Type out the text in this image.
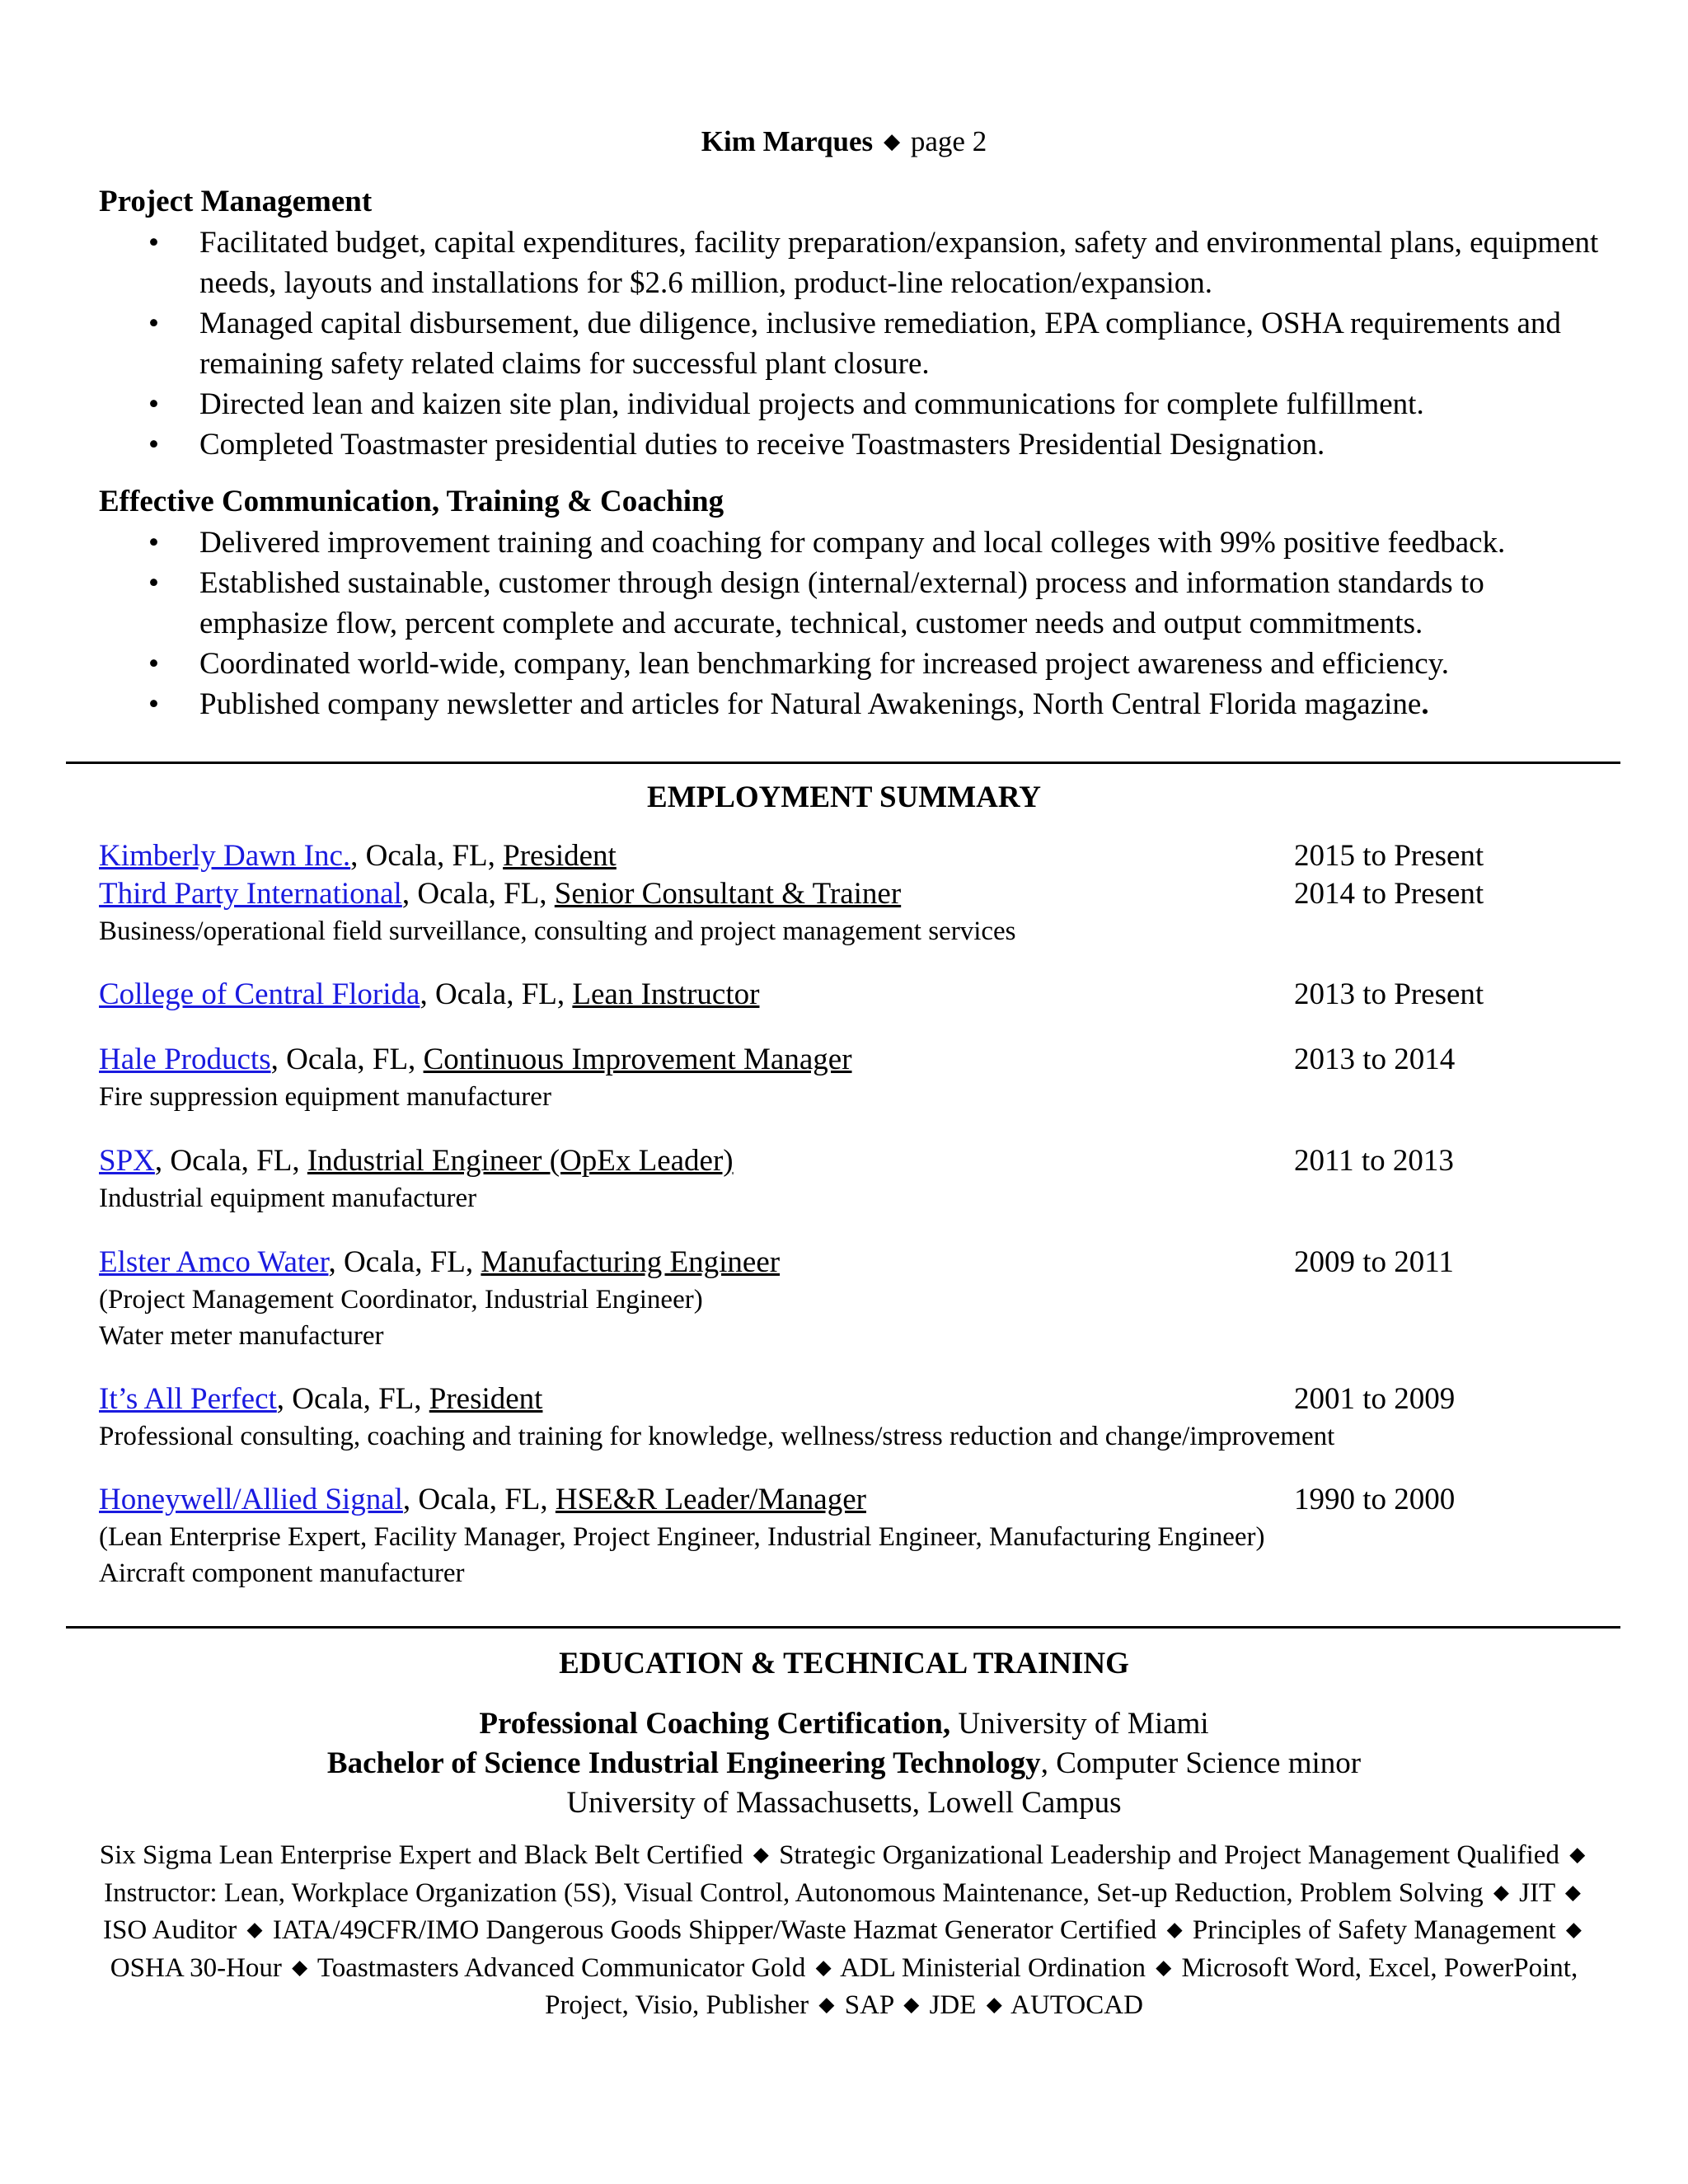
Kim Marques ◆ page 2
Project Management
• Facilitated budget, capital expenditures, facility preparation/expansion, safety and environmental plans, equipment needs, layouts and installations for $2.6 million, product-line relocation/expansion.
• Managed capital disbursement, due diligence, inclusive remediation, EPA compliance, OSHA requirements and remaining safety related claims for successful plant closure.
• Directed lean and kaizen site plan, individual projects and communications for complete fulfillment.
• Completed Toastmaster presidential duties to receive Toastmasters Presidential Designation.
Effective Communication, Training & Coaching
• Delivered improvement training and coaching for company and local colleges with 99% positive feedback.
• Established sustainable, customer through design (internal/external) process and information standards to emphasize flow, percent complete and accurate, technical, customer needs and output commitments.
• Coordinated world-wide, company, lean benchmarking for increased project awareness and efficiency.
• Published company newsletter and articles for Natural Awakenings, North Central Florida magazine.
EMPLOYMENT SUMMARY
Kimberly Dawn Inc., Ocala, FL, President	2015 to Present
Third Party International, Ocala, FL, Senior Consultant & Trainer	2014 to Present
Business/operational field surveillance, consulting and project management services
College of Central Florida, Ocala, FL, Lean Instructor	2013 to Present
Hale Products, Ocala, FL, Continuous Improvement Manager	2013 to 2014
Fire suppression equipment manufacturer
SPX, Ocala, FL, Industrial Engineer (OpEx Leader)	2011 to 2013
Industrial equipment manufacturer
Elster Amco Water, Ocala, FL, Manufacturing Engineer	2009 to 2011
(Project Management Coordinator, Industrial Engineer)
Water meter manufacturer
It’s All Perfect, Ocala, FL, President	2001 to 2009
Professional consulting, coaching and training for knowledge, wellness/stress reduction and change/improvement
Honeywell/Allied Signal, Ocala, FL, HSE&R Leader/Manager	1990 to 2000
(Lean Enterprise Expert, Facility Manager, Project Engineer, Industrial Engineer, Manufacturing Engineer)
Aircraft component manufacturer
EDUCATION & TECHNICAL TRAINING
Professional Coaching Certification, University of Miami
Bachelor of Science Industrial Engineering Technology, Computer Science minor
University of Massachusetts, Lowell Campus
Six Sigma Lean Enterprise Expert and Black Belt Certified ◆ Strategic Organizational Leadership and Project Management Qualified ◆ Instructor: Lean, Workplace Organization (5S), Visual Control, Autonomous Maintenance, Set-up Reduction, Problem Solving ◆ JIT ◆ ISO Auditor ◆ IATA/49CFR/IMO Dangerous Goods Shipper/Waste Hazmat Generator Certified ◆ Principles of Safety Management ◆ OSHA 30-Hour ◆ Toastmasters Advanced Communicator Gold ◆ ADL Ministerial Ordination ◆ Microsoft Word, Excel, PowerPoint, Project, Visio, Publisher ◆ SAP ◆ JDE ◆ AUTOCAD
